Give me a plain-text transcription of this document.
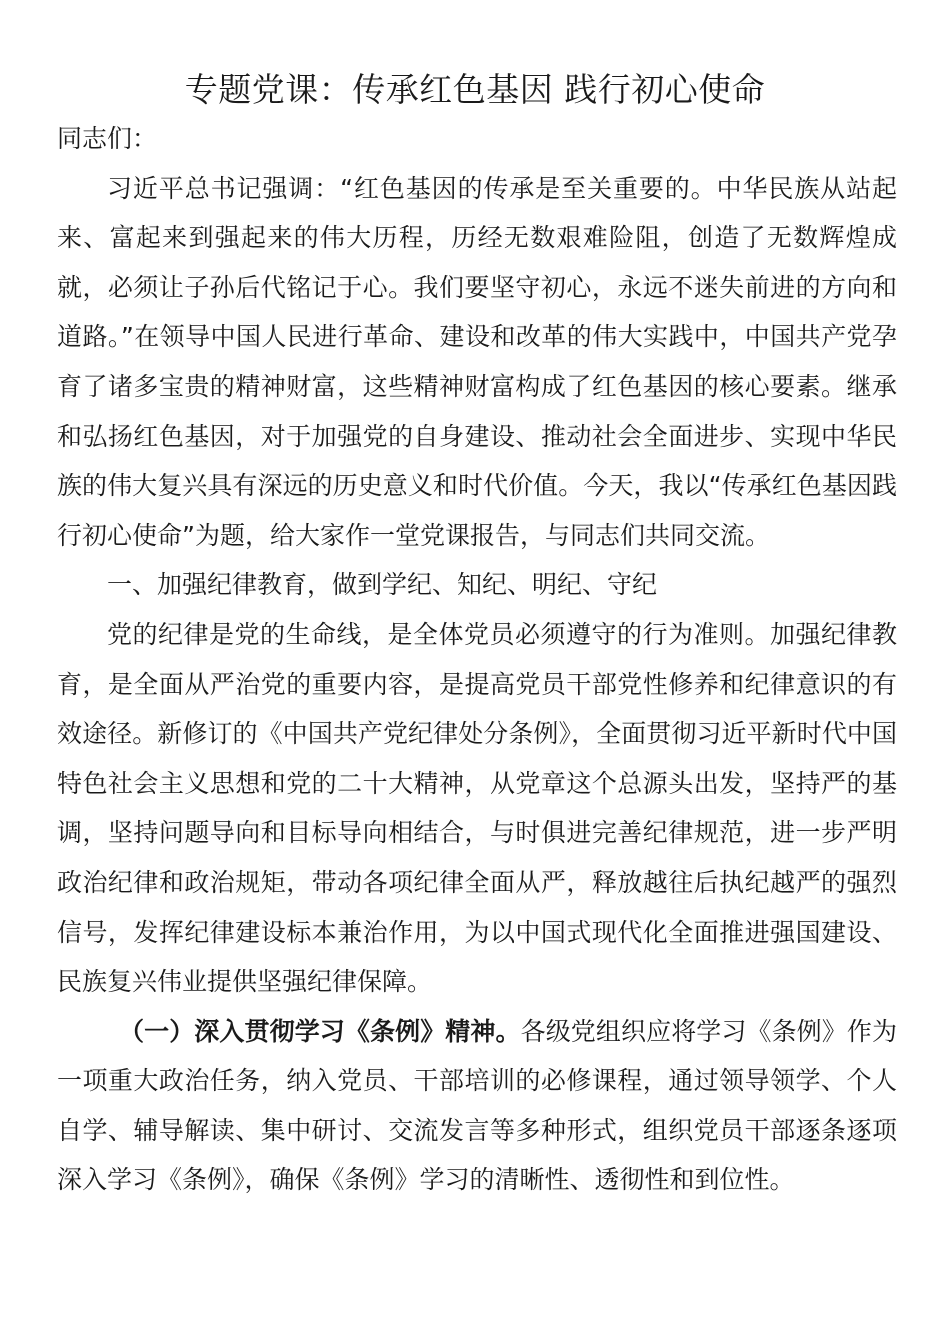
专题党课：传承红色基因 践行初心使命

同志们：

习近平总书记强调：“红色基因的传承是至关重要的。中华民族从站起来、富起来到强起来的伟大历程，历经无数艰难险阻，创造了无数辉煌成就，必须让子孙后代铭记于心。我们要坚守初心，永远不迷失前进的方向和道路。”在领导中国人民进行革命、建设和改革的伟大实践中，中国共产党孕育了诸多宝贵的精神财富，这些精神财富构成了红色基因的核心要素。继承和弘扬红色基因，对于加强党的自身建设、推动社会全面进步、实现中华民族的伟大复兴具有深远的历史意义和时代价值。今天，我以“传承红色基因践行初心使命”为题，给大家作一堂党课报告，与同志们共同交流。

一、加强纪律教育，做到学纪、知纪、明纪、守纪

党的纪律是党的生命线，是全体党员必须遵守的行为准则。加强纪律教育，是全面从严治党的重要内容，是提高党员干部党性修养和纪律意识的有效途径。新修订的《中国共产党纪律处分条例》，全面贯彻习近平新时代中国特色社会主义思想和党的二十大精神，从党章这个总源头出发，坚持严的基调，坚持问题导向和目标导向相结合，与时俱进完善纪律规范，进一步严明政治纪律和政治规矩，带动各项纪律全面从严，释放越往后执纪越严的强烈信号，发挥纪律建设标本兼治作用，为以中国式现代化全面推进强国建设、民族复兴伟业提供坚强纪律保障。

（一）深入贯彻学习《条例》精神。各级党组织应将学习《条例》作为一项重大政治任务，纳入党员、干部培训的必修课程，通过领导领学、个人自学、辅导解读、集中研讨、交流发言等多种形式，组织党员干部逐条逐项深入学习《条例》，确保《条例》学习的清晰性、透彻性和到位性。
